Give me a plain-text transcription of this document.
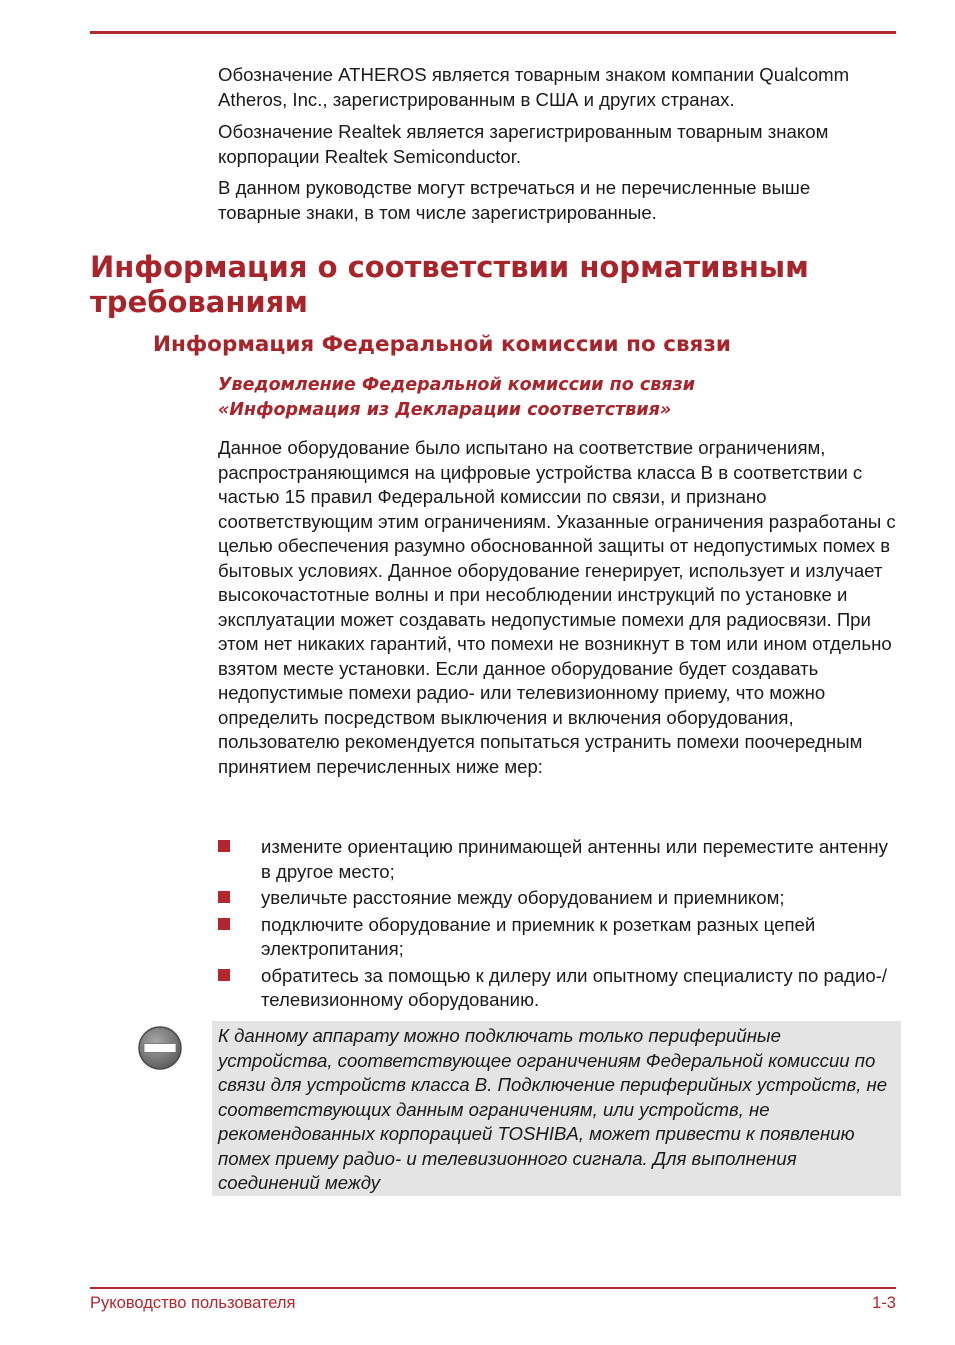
Обозначение ATHEROS является товарным знаком компании Qualcomm Atheros, Inc., зарегистрированным в США и других странах.

Обозначение Realtek является зарегистрированным товарным знаком корпорации Realtek Semiconductor.

В данном руководстве могут встречаться и не перечисленные выше товарные знаки, в том числе зарегистрированные.

Информация о соответствии нормативным требованиям
Информация Федеральной комиссии по связи
Уведомление Федеральной комиссии по связи
«Информация из Декларации соответствия»

Данное оборудование было испытано на соответствие ограничениям, распространяющимся на цифровые устройства класса B в соответствии с частью 15 правил Федеральной комиссии по связи, и признано соответствующим этим ограничениям. Указанные ограничения разработаны с целью обеспечения разумно обоснованной защиты от недопустимых помех в бытовых условиях. Данное оборудование генерирует, использует и излучает высокочастотные волны и при несоблюдении инструкций по установке и эксплуатации может создавать недопустимые помехи для радиосвязи. При этом нет никаких гарантий, что помехи не возникнут в том или ином отдельно взятом месте установки. Если данное оборудование будет создавать недопустимые помехи радио- или телевизионному приему, что можно определить посредством выключения и включения оборудования, пользователю рекомендуется попытаться устранить помехи поочередным принятием перечисленных ниже мер:

измените ориентацию принимающей антенны или переместите антенну в другое место;
увеличьте расстояние между оборудованием и приемником;
подключите оборудование и приемник к розеткам разных цепей электропитания;
обратитесь за помощью к дилеру или опытному специалисту по радио-/телевизионному оборудованию.

К данному аппарату можно подключать только периферийные устройства, соответствующее ограничениям Федеральной комиссии по связи для устройств класса B. Подключение периферийных устройств, не соответствующих данным ограничениям, или устройств, не рекомендованных корпорацией TOSHIBA, может привести к появлению помех приему радио- и телевизионного сигнала. Для выполнения соединений между

Руководство пользователя	1-3
